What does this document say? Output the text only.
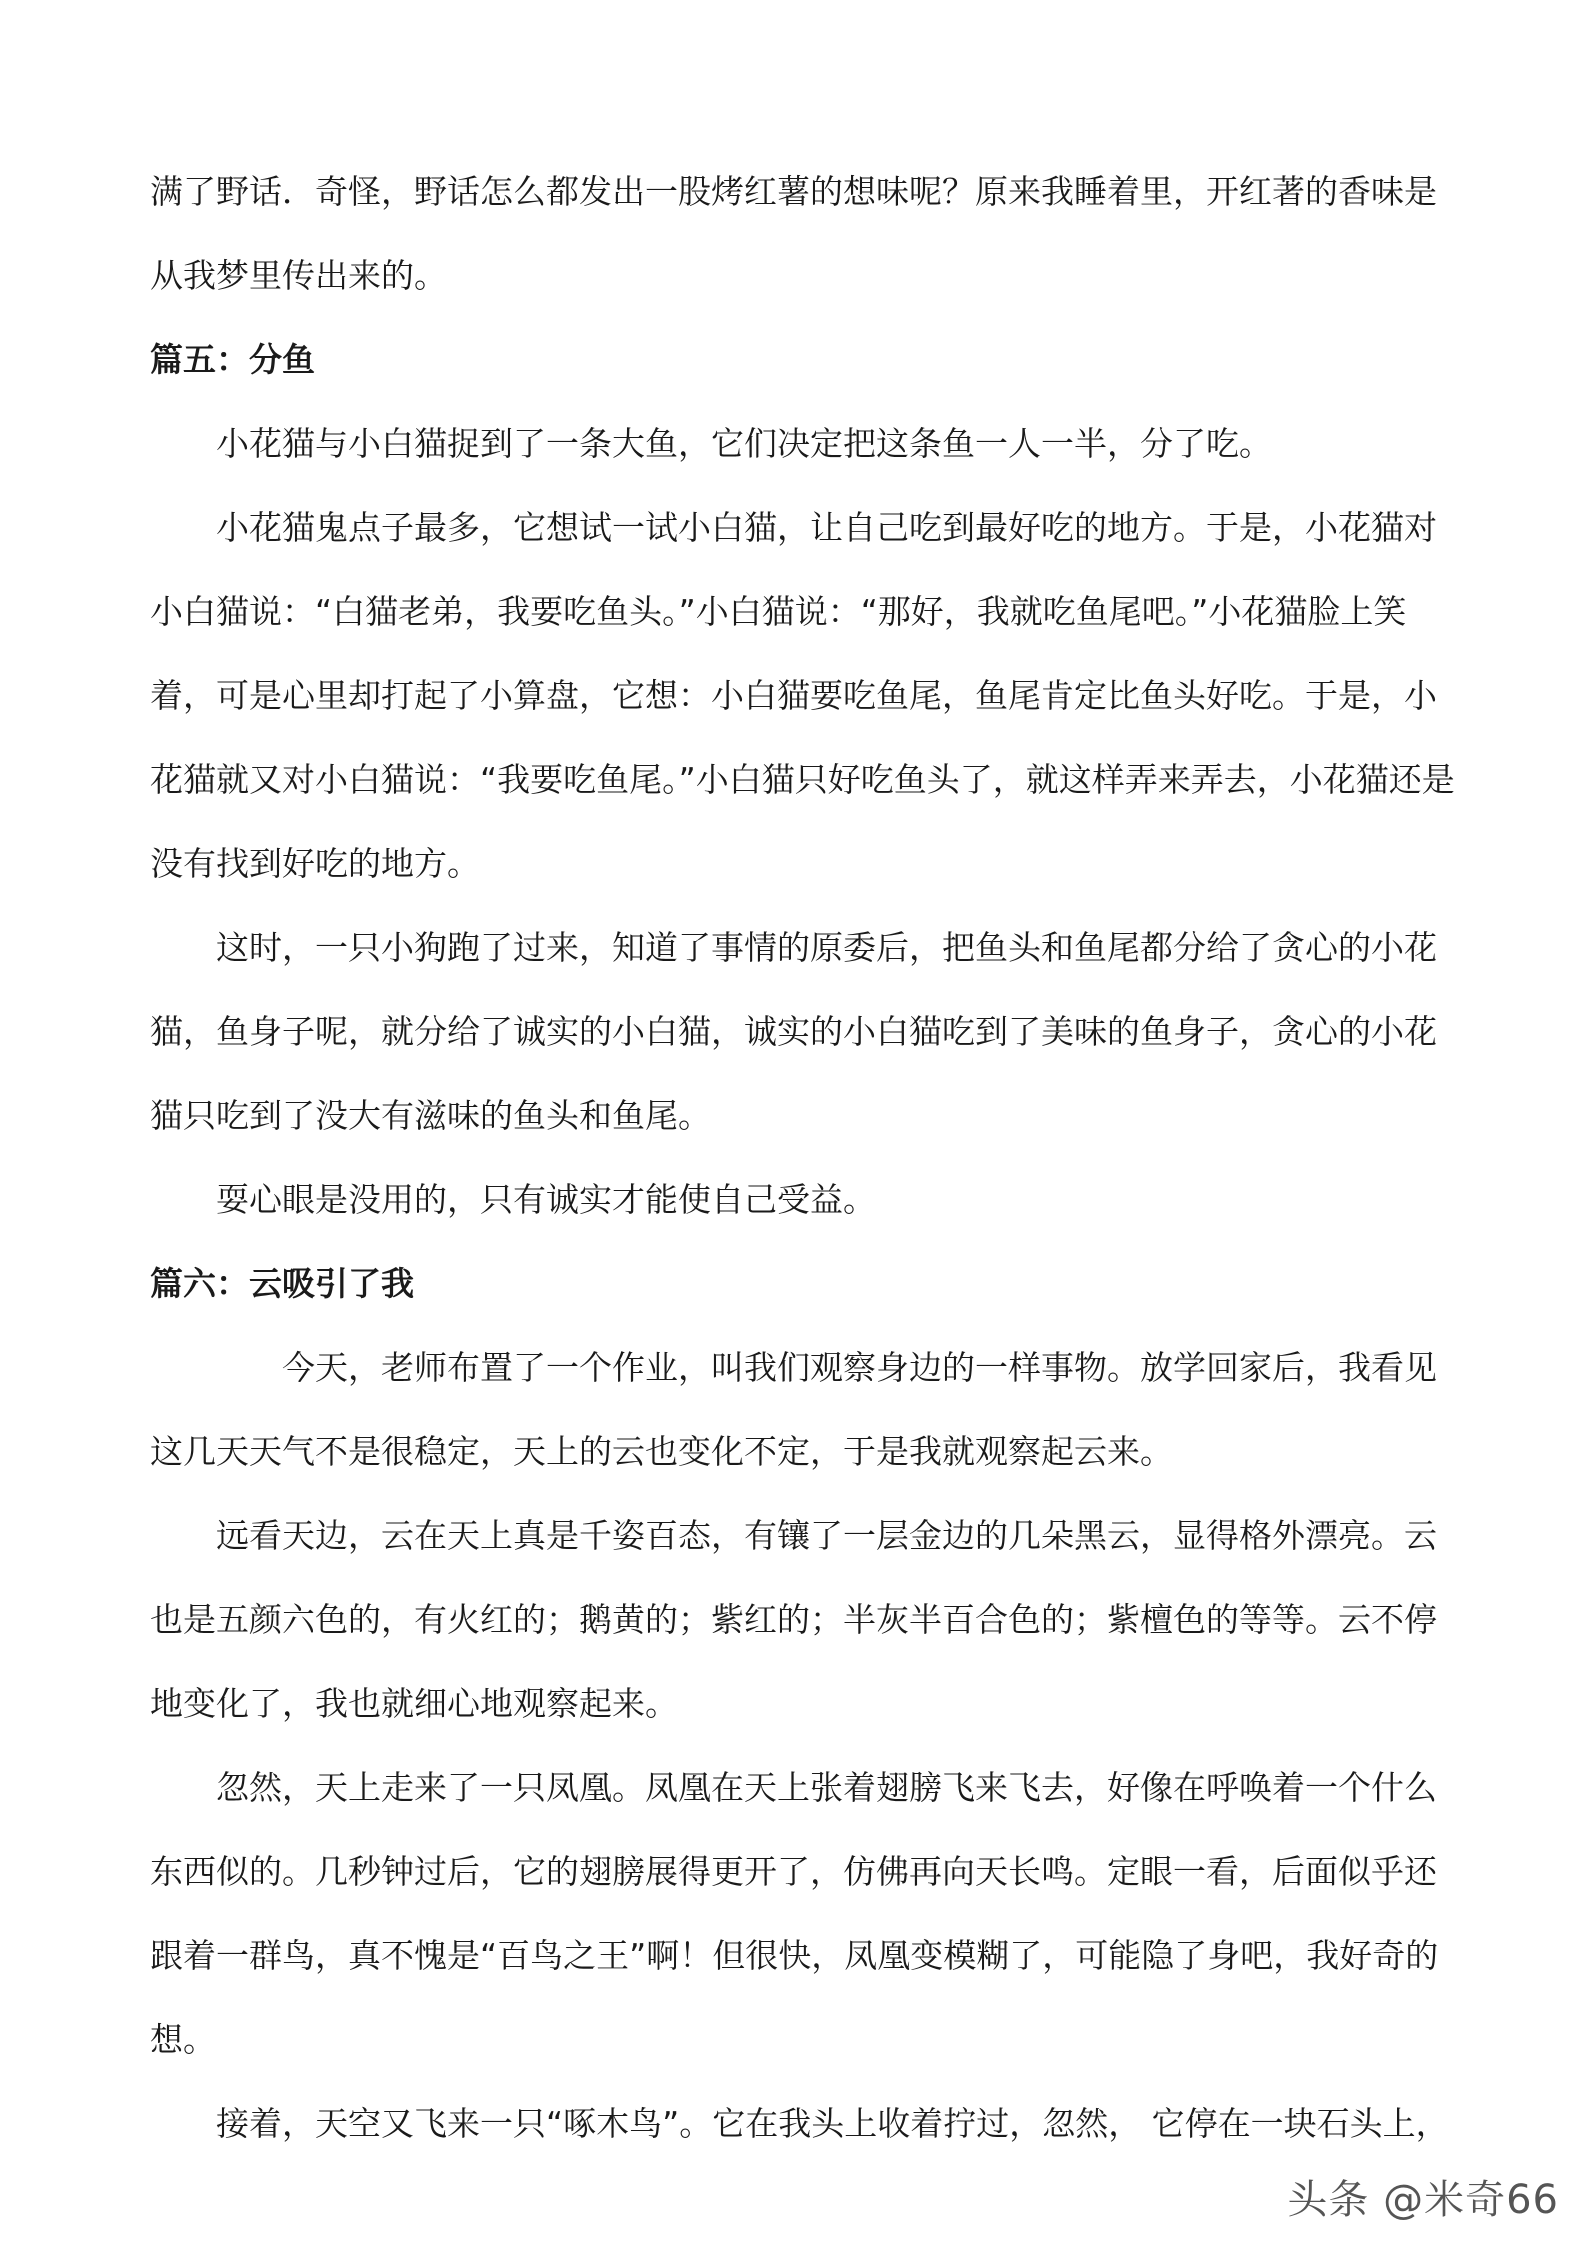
满了野话．奇怪，野话怎么都发出一股烤红薯的想味呢？原来我睡着里，开红著的香味是从我梦里传出来的。

篇五：分鱼

小花猫与小白猫捉到了一条大鱼，它们决定把这条鱼一人一半，分了吃。

小花猫鬼点子最多，它想试一试小白猫，让自己吃到最好吃的地方。于是，小花猫对小白猫说：“白猫老弟，我要吃鱼头。”小白猫说：“那好，我就吃鱼尾吧。”小花猫脸上笑着，可是心里却打起了小算盘，它想：小白猫要吃鱼尾，鱼尾肯定比鱼头好吃。于是，小花猫就又对小白猫说：“我要吃鱼尾。”小白猫只好吃鱼头了，就这样弄来弄去，小花猫还是没有找到好吃的地方。

这时，一只小狗跑了过来，知道了事情的原委后，把鱼头和鱼尾都分给了贪心的小花猫，鱼身子呢，就分给了诚实的小白猫，诚实的小白猫吃到了美味的鱼身子，贪心的小花猫只吃到了没大有滋味的鱼头和鱼尾。

耍心眼是没用的，只有诚实才能使自己受益。

篇六：云吸引了我

今天，老师布置了一个作业，叫我们观察身边的一样事物。放学回家后，我看见这几天天气不是很稳定，天上的云也变化不定，于是我就观察起云来。

远看天边，云在天上真是千姿百态，有镶了一层金边的几朵黑云，显得格外漂亮。云也是五颜六色的，有火红的；鹅黄的；紫红的；半灰半百合色的；紫檀色的等等。云不停地变化了，我也就细心地观察起来。

忽然，天上走来了一只凤凰。凤凰在天上张着翅膀飞来飞去，好像在呼唤着一个什么东西似的。几秒钟过后，它的翅膀展得更开了，仿佛再向天长鸣。定眼一看，后面似乎还跟着一群鸟，真不愧是“百鸟之王”啊！但很快，凤凰变模糊了，可能隐了身吧，我好奇的想。

接着，天空又飞来一只“啄木鸟”。它在我头上收着拧过，忽然， 它停在一块石头上，

头条 @米奇66
